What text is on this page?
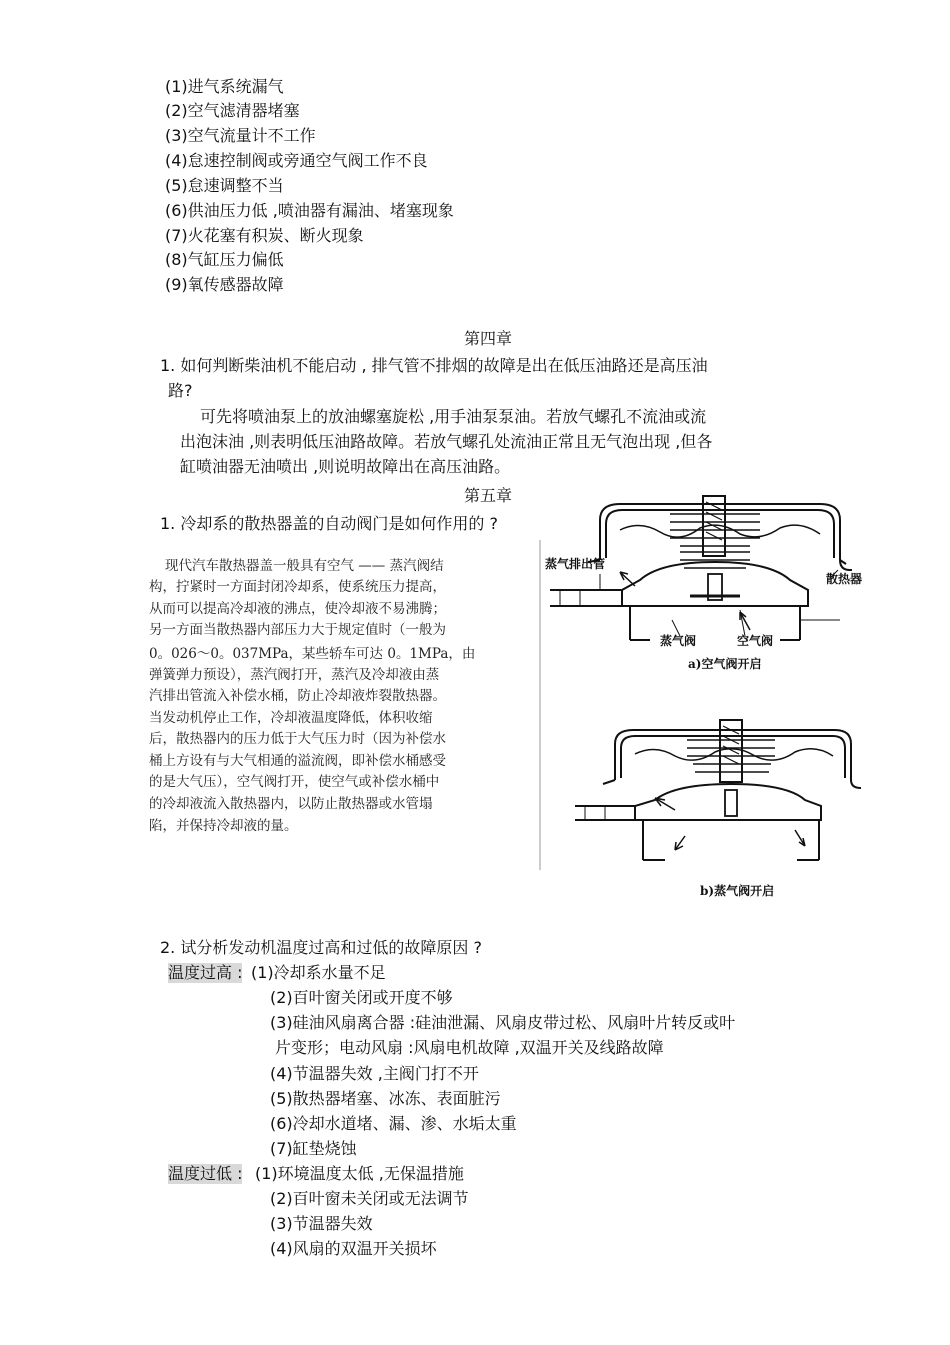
(1)进气系统漏气
(2)空气滤清器堵塞
(3)空气流量计不工作
(4)怠速控制阀或旁通空气阀工作不良
(5)怠速调整不当
(6)供油压力低 ,喷油器有漏油、堵塞现象
(7)火花塞有积炭、断火现象
(8)气缸压力偏低
(9)氧传感器故障
第四章
1. 如何判断柴油机不能启动 , 排气管不排烟的故障是出在低压油路还是高压油
路?
可先将喷油泵上的放油螺塞旋松 ,用手油泵泵油。若放气螺孔不流油或流
出泡沫油 ,则表明低压油路故障。若放气螺孔处流油正常且无气泡出现 ,但各
缸喷油器无油喷出 ,则说明故障出在高压油路。
第五章
1. 冷却系的散热器盖的自动阀门是如何作用的 ?
现代汽车散热器盖一般具有空气 —— 蒸汽阀结
构，拧紧时一方面封闭冷却系，使系统压力提高，
从而可以提高冷却液的沸点，使冷却液不易沸腾；
另一方面当散热器内部压力大于规定值时（一般为
0。026～0。037MPa，某些轿车可达 0。1MPa，由
弹簧弹力预设），蒸汽阀打开，蒸汽及冷却液由蒸
汽排出管流入补偿水桶，防止冷却液炸裂散热器。
当发动机停止工作，冷却液温度降低，体积收缩
后，散热器内的压力低于大气压力时（因为补偿水
桶上方设有与大气相通的溢流阀，即补偿水桶感受
的是大气压），空气阀打开，使空气或补偿水桶中
的冷却液流入散热器内，以防止散热器或水管塌
陷，并保持冷却液的量。
蒸气排出管
散热器
蒸气阀	空气阀
a)空气阀开启
b)蒸气阀开启
2. 试分析发动机温度过高和过低的故障原因 ?
温度过高 : (1)冷却系水量不足
(2)百叶窗关闭或开度不够
(3)硅油风扇离合器 :硅油泄漏、风扇皮带过松、风扇叶片转反或叶
片变形；电动风扇 :风扇电机故障 ,双温开关及线路故障
(4)节温器失效 ,主阀门打不开
(5)散热器堵塞、冰冻、表面脏污
(6)冷却水道堵、漏、渗、水垢太重
(7)缸垫烧蚀
温度过低 : (1)环境温度太低 ,无保温措施
(2)百叶窗未关闭或无法调节
(3)节温器失效
(4)风扇的双温开关损坏
